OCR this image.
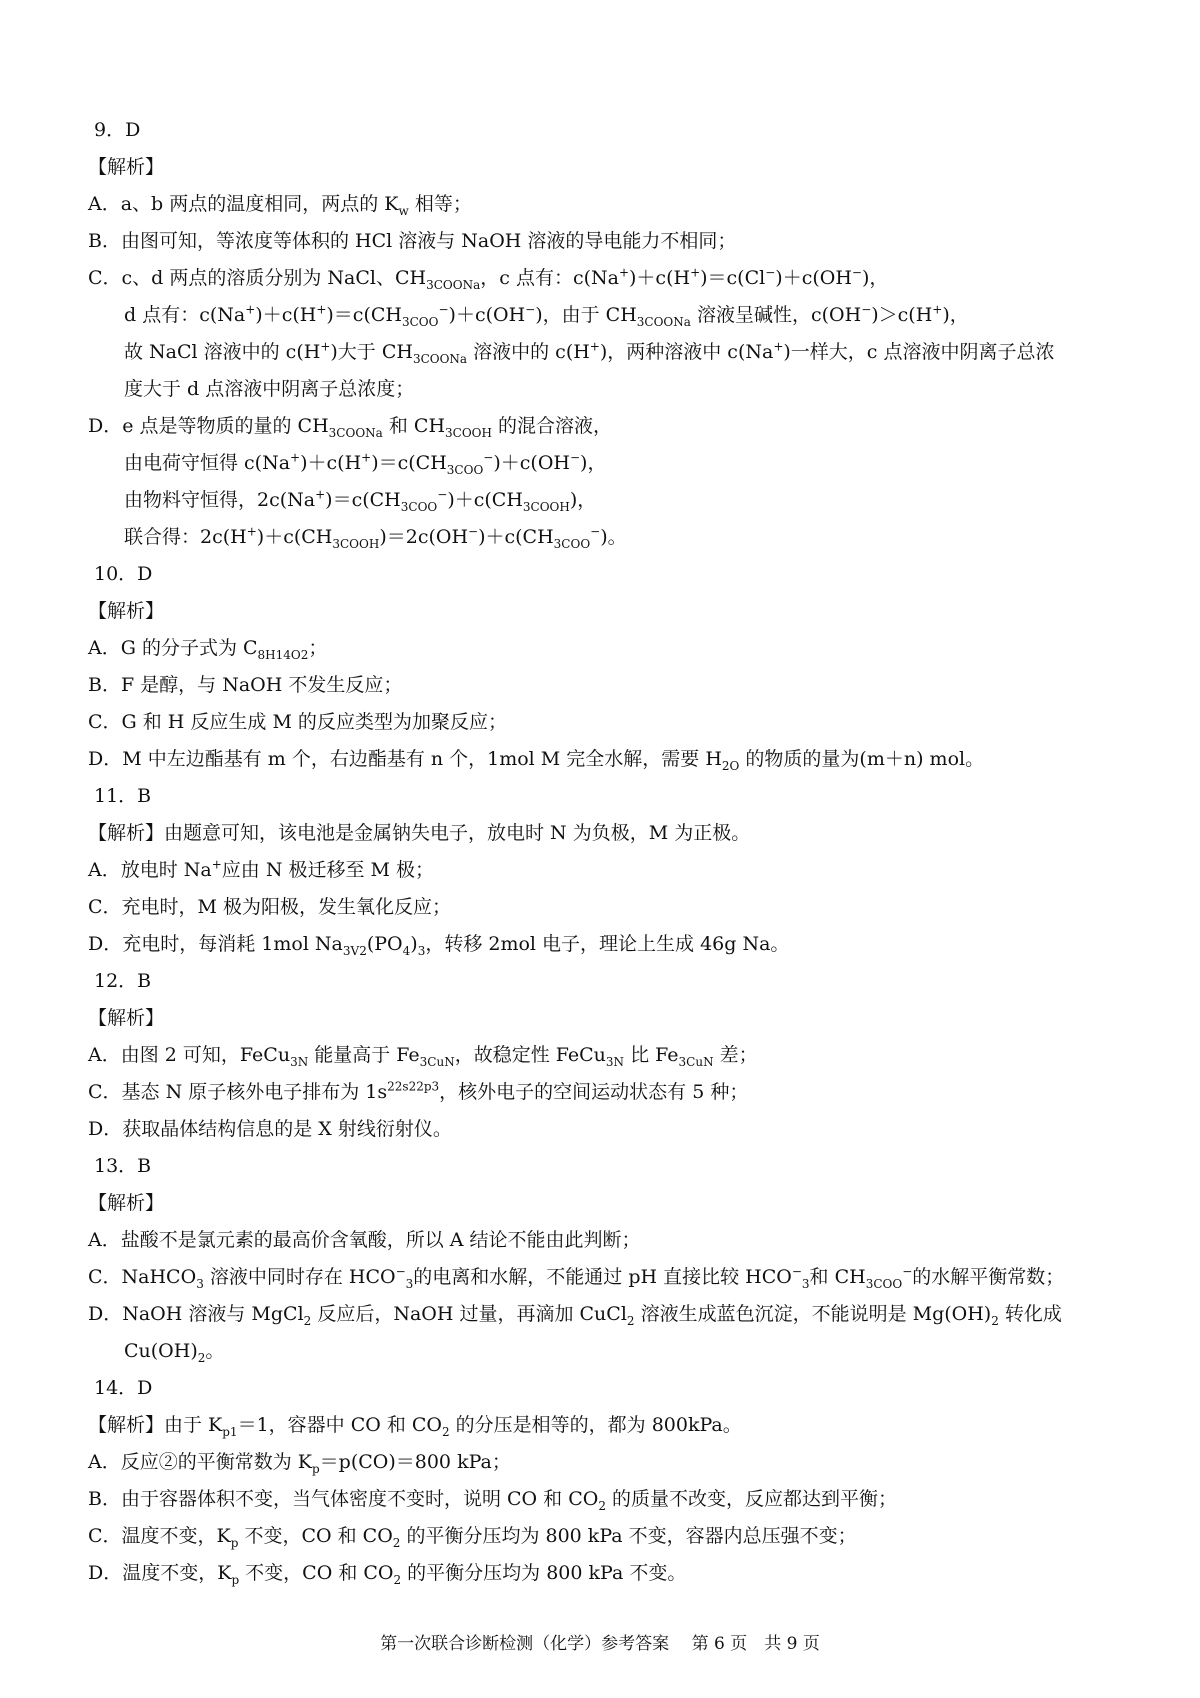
9．D
【解析】
A．a、b 两点的温度相同，两点的 $K_w$ 相等；
B．由图可知，等浓度等体积的 HCl 溶液与 NaOH 溶液的导电能力不相同；
C．c、d 两点的溶质分别为 NaCl、$CH_{3COONa}$，c 点有：c(Na+)＋c(H+)＝c(Cl−)＋c(OH−)，
d 点有：$c(Na^+)+c(H^+)=c(CH_{3COO}^-)+c(OH^-)$，由于 $CH_{3COONa}$ 溶液呈碱性，c(OH−)＞c(H+)，
故 NaCl 溶液中的 c(H+)大于 $CH_{3COONa}$ 溶液中的 c(H+)，两种溶液中 c(Na+)一样大，c 点溶液中阴离子总浓
度大于 d 点溶液中阴离子总浓度；
D．e 点是等物质的量的 $CH_{3COONa}$ 和 $CH_{3COOH}$ 的混合溶液，
由电荷守恒得 $c(Na^+)+c(H^+)=c(CH_{3COO}^-)+c(OH^-)$，
由物料守恒得，$2c(Na^+)=c(CH_{3COO}^-)+c(CH_{3COOH})$，
联合得：$2c(H^+)+c(CH_{3COOH})=2c(OH^-)+c(CH_{3COO}^-)$。
10．D
【解析】
A．G 的分子式为 $C_{8H14O2}$；
B．F 是醇，与 NaOH 不发生反应；
C．G 和 H 反应生成 M 的反应类型为加聚反应；
D．M 中左边酯基有 m 个，右边酯基有 n 个，1mol M 完全水解，需要 $H_{2O}$ 的物质的量为(m＋n) mol。
11．B
【解析】由题意可知，该电池是金属钠失电子，放电时 N 为负极，M 为正极。
A．放电时 Na+应由 N 极迁移至 M 极；
C．充电时，M 极为阳极，发生氧化反应；
D．充电时，每消耗 1mol $Na_{3V2}(PO_4)_3$，转移 2mol 电子，理论上生成 46g Na。
12．B
【解析】
A．由图 2 可知，FeCu$_{3N}$ 能量高于 $Fe_{3CuN}$，故稳定性 FeCu$_{3N}$ 比 $Fe_{3CuN}$ 差；
C．基态 N 原子核外电子排布为 $1s^{22s22p3}$，核外电子的空间运动状态有 5 种；
D．获取晶体结构信息的是 X 射线衍射仪。
13．B
【解析】
A．盐酸不是氯元素的最高价含氧酸，所以 A 结论不能由此判断；
C．NaHCO$_3$ 溶液中同时存在 $HCO^-_3$的电离和水解，不能通过 pH 直接比较 $HCO^-_3$和 $CH_{3COO}^-$的水解平衡常数；
D．NaOH 溶液与 MgCl$_2$ 反应后，NaOH 过量，再滴加 CuCl$_2$ 溶液生成蓝色沉淀，不能说明是 $Mg(OH)_2$ 转化成
$Cu(OH)_2$。
14．D
【解析】由于 $K_{p1}=1$，容器中 CO 和 $CO_2$ 的分压是相等的，都为 800kPa。
A．反应②的平衡常数为 $K_p=p(CO)=800$ kPa；
B．由于容器体积不变，当气体密度不变时，说明 CO 和 $CO_2$ 的质量不改变，反应都达到平衡；
C．温度不变，$K_p$ 不变，CO 和 $CO_2$ 的平衡分压均为 800 kPa 不变，容器内总压强不变；
D．温度不变，$K_p$ 不变，CO 和 $CO_2$ 的平衡分压均为 800 kPa 不变。
第一次联合诊断检测（化学）参考答案　 第 6 页　共 9 页
